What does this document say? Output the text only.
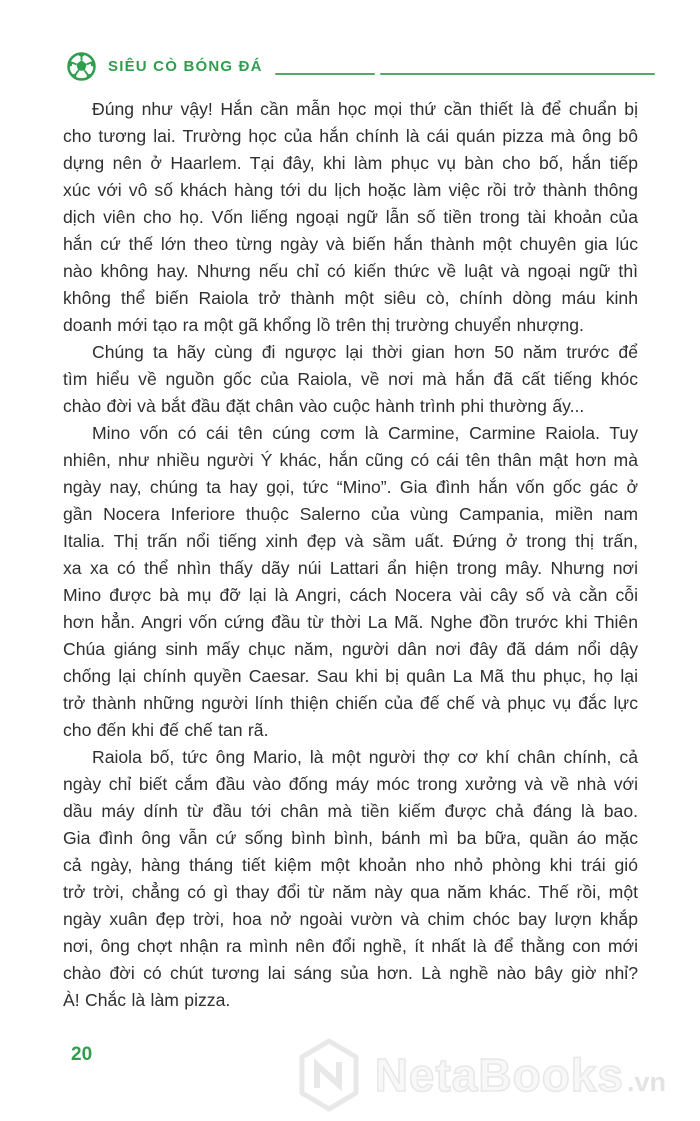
SIÊU CÒ BÓNG ĐÁ
Đúng như vậy! Hắn cần mẫn học mọi thứ cần thiết là để chuẩn bị
cho tương lai. Trường học của hắn chính là cái quán pizza mà ông bô
dựng nên ở Haarlem. Tại đây, khi làm phục vụ bàn cho bố, hắn tiếp
xúc với vô số khách hàng tới du lịch hoặc làm việc rồi trở thành thông
dịch viên cho họ. Vốn liếng ngoại ngữ lẫn số tiền trong tài khoản của
hắn cứ thế lớn theo từng ngày và biến hắn thành một chuyên gia lúc
nào không hay. Nhưng nếu chỉ có kiến thức về luật và ngoại ngữ thì
không thể biến Raiola trở thành một siêu cò, chính dòng máu kinh
doanh mới tạo ra một gã khổng lồ trên thị trường chuyển nhượng.
Chúng ta hãy cùng đi ngược lại thời gian hơn 50 năm trước để
tìm hiểu về nguồn gốc của Raiola, về nơi mà hắn đã cất tiếng khóc
chào đời và bắt đầu đặt chân vào cuộc hành trình phi thường ấy...
Mino vốn có cái tên cúng cơm là Carmine, Carmine Raiola. Tuy
nhiên, như nhiều người Ý khác, hắn cũng có cái tên thân mật hơn mà
ngày nay, chúng ta hay gọi, tức “Mino”. Gia đình hắn vốn gốc gác ở
gần Nocera Inferiore thuộc Salerno của vùng Campania, miền nam
Italia. Thị trấn nổi tiếng xinh đẹp và sầm uất. Đứng ở trong thị trấn,
xa xa có thể nhìn thấy dãy núi Lattari ẩn hiện trong mây. Nhưng nơi
Mino được bà mụ đỡ lại là Angri, cách Nocera vài cây số và cằn cỗi
hơn hẳn. Angri vốn cứng đầu từ thời La Mã. Nghe đồn trước khi Thiên
Chúa giáng sinh mấy chục năm, người dân nơi đây đã dám nổi dậy
chống lại chính quyền Caesar. Sau khi bị quân La Mã thu phục, họ lại
trở thành những người lính thiện chiến của đế chế và phục vụ đắc lực
cho đến khi đế chế tan rã.
Raiola bố, tức ông Mario, là một người thợ cơ khí chân chính, cả
ngày chỉ biết cắm đầu vào đống máy móc trong xưởng và về nhà với
dầu máy dính từ đầu tới chân mà tiền kiếm được chả đáng là bao.
Gia đình ông vẫn cứ sống bình bình, bánh mì ba bữa, quần áo mặc
cả ngày, hàng tháng tiết kiệm một khoản nho nhỏ phòng khi trái gió
trở trời, chẳng có gì thay đổi từ năm này qua năm khác. Thế rồi, một
ngày xuân đẹp trời, hoa nở ngoài vườn và chim chóc bay lượn khắp
nơi, ông chợt nhận ra mình nên đổi nghề, ít nhất là để thằng con mới
chào đời có chút tương lai sáng sủa hơn. Là nghề nào bây giờ nhỉ?
À! Chắc là làm pizza.
20	NetaBooks .vn
